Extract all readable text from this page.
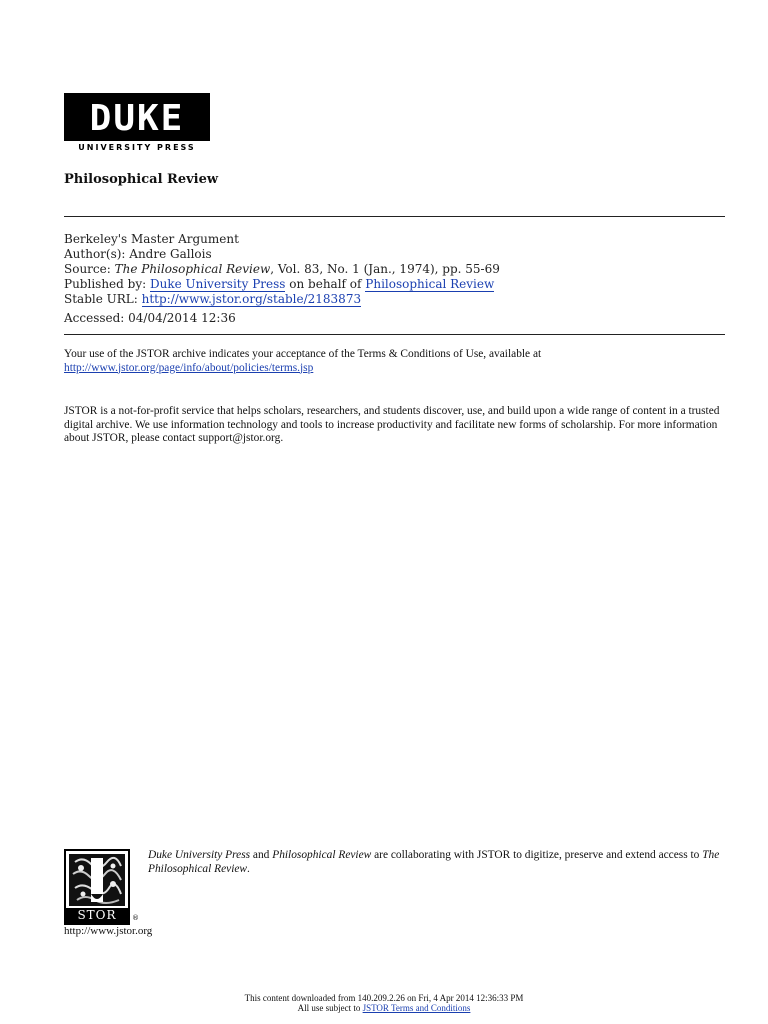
DUKE
UNIVERSITY PRESS
Philosophical Review
Berkeley's Master Argument
Author(s): Andre Gallois
Source: The Philosophical Review, Vol. 83, No. 1 (Jan., 1974), pp. 55-69
Published by: Duke University Press on behalf of Philosophical Review
Stable URL: http://www.jstor.org/stable/2183873
Accessed: 04/04/2014 12:36
Your use of the JSTOR archive indicates your acceptance of the Terms & Conditions of Use, available at
http://www.jstor.org/page/info/about/policies/terms.jsp
JSTOR is a not-for-profit service that helps scholars, researchers, and students discover, use, and build upon a wide range of content in a trusted digital archive. We use information technology and tools to increase productivity and facilitate new forms of scholarship. For more information about JSTOR, please contact support@jstor.org.
STOR	®
http://www.jstor.org
Duke University Press and Philosophical Review are collaborating with JSTOR to digitize, preserve and extend access to The Philosophical Review.
This content downloaded from 140.209.2.26 on Fri, 4 Apr 2014 12:36:33 PM
All use subject to JSTOR Terms and Conditions
